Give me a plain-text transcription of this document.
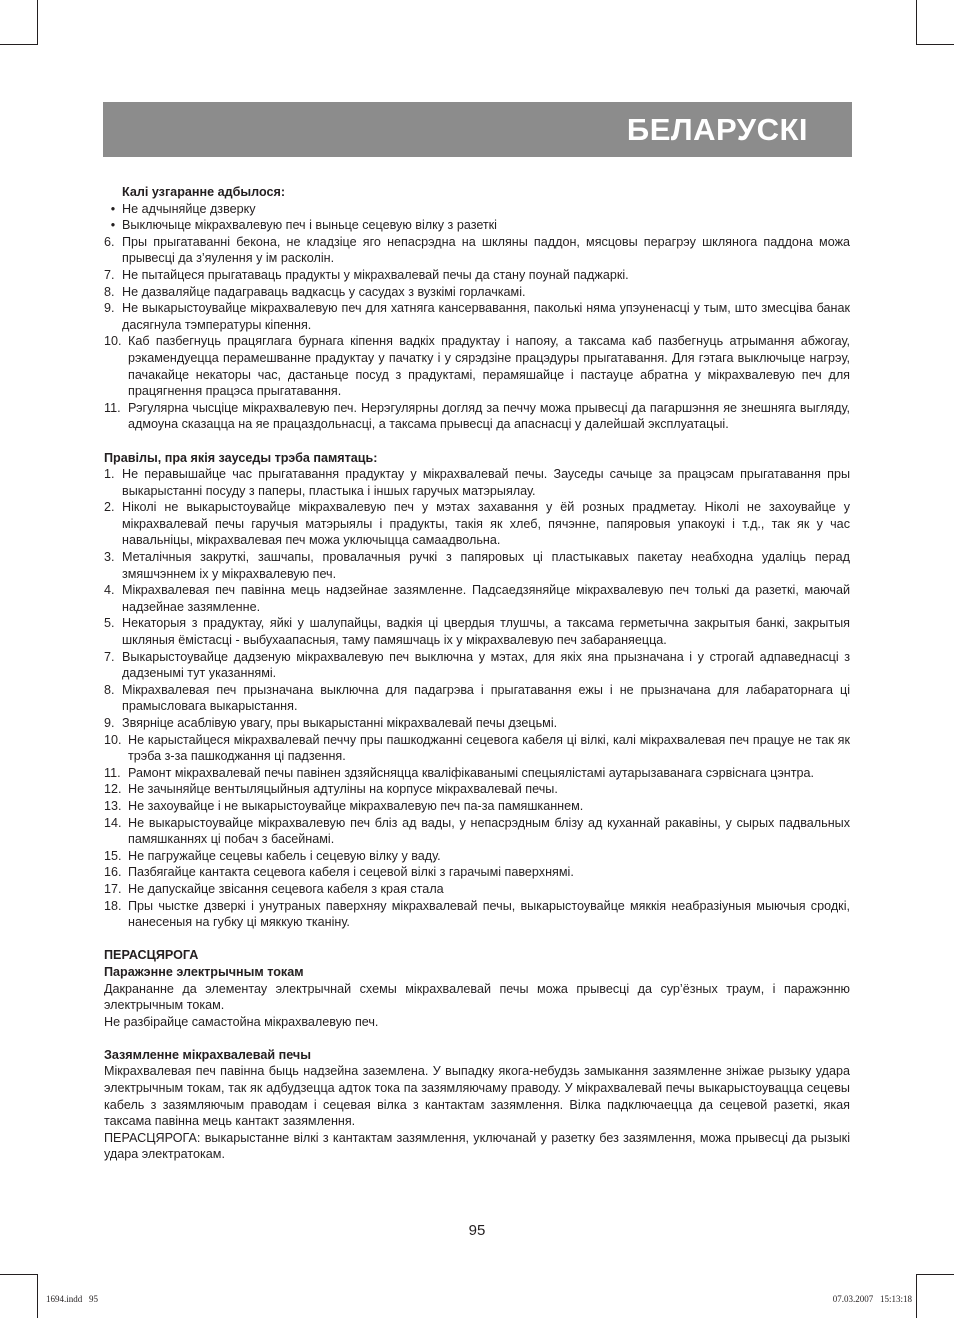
БЕЛАРУСКІ
Калі узгаранне адбылося:
• Не адчыняйце дзверку
• Выключыце мікрахвалевую печ і выньце сецевую вілку з разеткі
6. Пры прыгатаванні бекона, не кладзіце яго непасрэдна на шкляны паддон, мясцовы перагрэу шклянога паддона можа прывесці да з’яулення у ім расколін.
7. Не пытайцеся прыгатаваць прадукты у мікрахвалевай печы да стану поунай паджаркі.
8. Не дазваляйце падаграваць вадкасць у сасудах з вузкімі горлачкамі.
9. Не выкарыстоувайце мікрахвалевую печ для хатняга кансервавання, паколькі няма упэуненасці у тым, што змесціва банак дасягнула тэмпературы кіпення.
10. Каб пазбегнуць працяглага бурнага кіпення вадкіх прадуктау і напояу, а таксама каб пазбегнуць атрымання абжогау, рэкамендуецца перамешванне прадуктау у пачатку і у сярэдзіне працэдуры прыгатавання. Для гэтага выключыце нагрэу, пачакайце некаторы час, дастаньце посуд з прадуктамі, перамяшайце і пастауце абратна у мікрахвалевую печ для працягнення працэса прыгатавання.
11. Рэгулярна чысціце мікрахвалевую печ. Нерэгулярны догляд за печчу можа прывесці да пагаршэння яе знешняга выгляду, адмоуна сказацца на яе працаздольнасці, а таксама прывесці да апаснасці у далейшай эксплуатацыі.
Правілы, пра якія зауседы трэба памятаць:
1. Не перавышайце час прыгатавання прадуктау у мікрахвалевай печы. Зауседы сачыце за працэсам прыгатавання пры выкарыстанні посуду з паперы, пластыка і іншых гаручых матэрыялау.
2. Ніколі не выкарыстоувайце мікрахвалевую печ у мэтах захавання у ёй розных прадметау. Ніколі не захоувайце у мікрахвалевай печы гаручыя матэрыялы і прадукты, такія як хлеб, пячэнне, папяровыя упакоукі і т.д., так як у час навальніцы, мікрахвалевая печ можа уключыцца самаадвольна.
3. Металічныя закруткі, зашчапы, провалачныя ручкі з папяровых ці пластыкавых пакетау неабходна удаліць перад змяшчэннем іх у мікрахвалевую печ.
4. Мікрахвалевая печ павінна мець надзейнае зазямленне. Падсаедзяняйце мікрахвалевую печ толькі да разеткі, маючай надзейнае зазямленне.
5. Некаторыя з прадуктау, яйкі у шалупайцы, вадкія ці цвердыя тлушчы, а таксама герметычна закрытыя банкі, закрытыя шкляныя ёмістасці - выбухаапасныя, таму памяшчаць іх у мікрахвалевую печ забараняецца.
7. Выкарыстоувайце дадзеную мікрахвалевую печ выключна у мэтах, для якіх яна прызначана і у строгай адпаведнасці з дадзенымі тут указаннямі.
8. Мікрахвалевая печ прызначана выключна для падагрэва і прыгатавання ежы і не прызначана для лабараторнага ці прамысловага выкарыстання.
9. Звярніце асаблівую увагу, пры выкарыстанні мікрахвалевай печы дзецьмі.
10. Не карыстайцеся мікрахвалевай печчу пры пашкоджанні сецевога кабеля ці вілкі, калі мікрахвалевая печ працуе не так як трэба з-за пашкоджання ці падзення.
11. Рамонт мікрахвалевай печы павінен здзяйсняцца кваліфікаванымі спецыялістамі аутарызаванага сэрвіснага цэнтра.
12. Не зачыняйце вентыляцыйныя адтуліны на корпусе мікрахвалевай печы.
13. Не захоувайце і не выкарыстоувайце мікрахвалевую печ па-за памяшканнем.
14. Не выкарыстоувайце мікрахвалевую печ бліз ад вады, у непасрэдным блізу ад куханнай ракавіны, у сырых падвальных памяшканнях ці побач з басейнамі.
15. Не пагружайце сецевы кабель і сецевую вілку у ваду.
16. Пазбягайце кантакта сецевога кабеля і сецевой вілкі з гарачымі паверхнямі.
17. Не дапускайце звісання сецевога кабеля з края стала
18. Пры чыстке дзверкі і унутраных паверхняу мікрахвалевай печы, выкарыстоувайце мяккія неабразіуныя мыючыя сродкі, нанесеныя на губку ці мяккую тканіну.
ПЕРАСЦЯРОГА
Паражэнне электрычным токам

Дакрананне да элементау электрычнай схемы мікрахвалевай печы можа прывесці да сур’ёзных траум, і паражэнню электрычным токам.

Не разбірайце самастойна мікрахвалевую печ.

Зазямленне мікрахвалевай печы

Мікрахвалевая печ павінна быць надзейна заземлена. У выпадку якога-небудзь замыкання зазямленне зніжае рызыку удара электрычным токам, так як адбудзецца адток тока па зазямляючаму праводу. У мікрахвалевай печы выкарыстоувацца сецевы кабель з зазямляючым праводам і сецевая вілка з кантактам зазямлення. Вілка падключаецца да сецевой разеткі, якая таксама павінна мець кантакт зазямлення.

ПЕРАСЦЯРОГА: выкарыстанне вілкі з кантактам зазямлення, уключанай у разетку без зазямлення, можа прывесці да рызыкі удара электратокам.

95
1694.indd   95	07.03.2007   15:13:18
